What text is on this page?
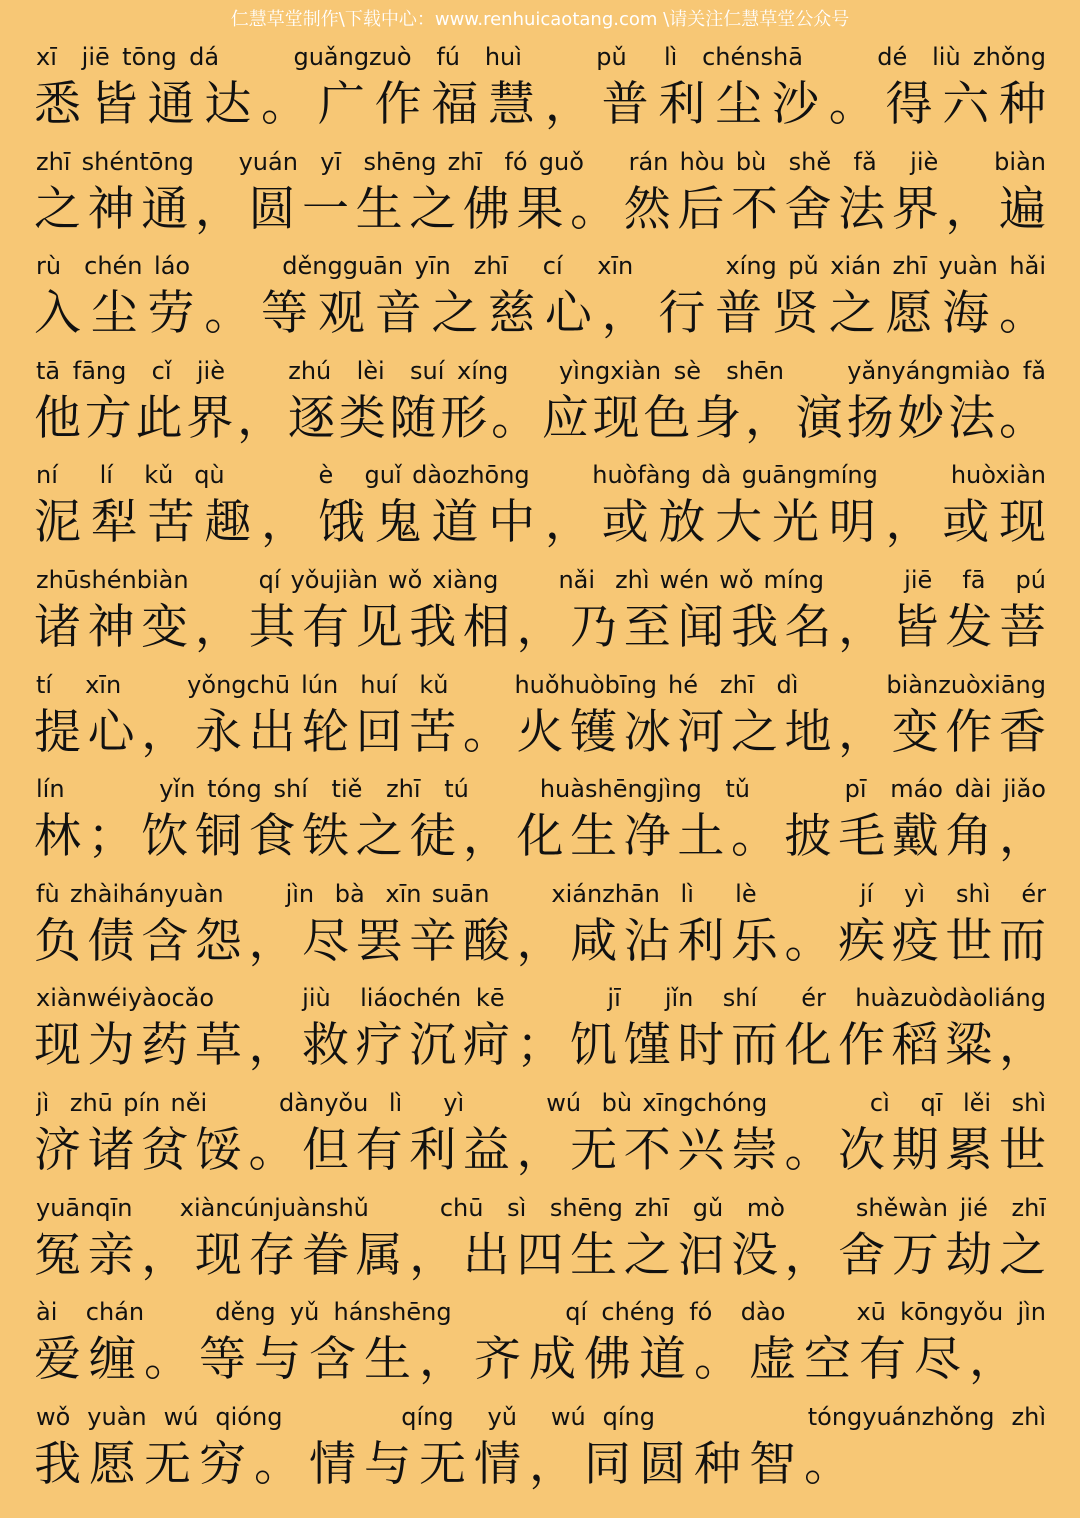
仁慧草堂制作\下载中心：www.renhuicaotang.com \请关注仁慧草堂公众号
xī  jiē tōng dá      guǎngzuò  fú  huì      pǔ   lì  chénshā      dé  liù zhǒng
悉皆通达。广作福慧，普利尘沙。得六种
zhī shéntōng    yuán  yī  shēng zhī  fó guǒ    rán hòu bù  shě  fǎ   jiè     biàn
之神通，圆一生之佛果。然后不舍法界，遍
rù  chén láo        děngguān yīn  zhī   cí   xīn        xíng pǔ xián zhī yuàn hǎi
入尘劳。等观音之慈心，行普贤之愿海。
tā fāng  cǐ  jiè     zhú  lèi  suí xíng    yìngxiàn sè  shēn     yǎnyángmiào fǎ
他方此界，逐类随形。应现色身，演扬妙法。
ní    lí   kǔ  qù         è   guǐ dàozhōng      huòfàng dà guāngmíng       huòxiàn
泥犁苦趣，饿鬼道中，或放大光明，或现
zhūshénbiàn       qí yǒujiàn wǒ xiàng      nǎi  zhì wén wǒ míng        jiē   fā   pú
诸神变，其有见我相，乃至闻我名，皆发菩
tí   xīn      yǒngchū lún  huí  kǔ      huǒhuòbīng hé  zhī  dì        biànzuòxiāng
提心，永出轮回苦。火镬冰河之地，变作香
lín        yǐn tóng shí  tiě  zhī  tú      huàshēngjìng  tǔ        pī  máo dài jiǎo
林；饮铜食铁之徒，化生净土。披毛戴角，
fù zhàihányuàn      jìn  bà  xīn suān      xiánzhān  lì    lè          jí   yì   shì   ér
负债含怨，尽罢辛酸，咸沾利乐。疾疫世而
xiànwéiyàocǎo      jiù  liáochén kē       jī   jǐn  shí   ér  huàzuòdàoliáng
现为药草，救疗沉疴；饥馑时而化作稻粱，
jì  zhū pín něi       dànyǒu  lì    yì        wú  bù xīngchóng          cì   qī  lěi  shì
济诸贫馁。但有利益，无不兴崇。次期累世
yuānqīn    xiàncúnjuànshǔ      chū  sì  shēng zhī  gǔ  mò      shěwàn jié  zhī
冤亲，现存眷属，出四生之汩没，舍万劫之
ài  chán     děng yǔ hánshēng        qí chéng fó  dào     xū kōngyǒu jìn
爱缠。等与含生，齐成佛道。虚空有尽，
wǒ yuàn wú qióng       qíng  yǔ  wú qíng         tóngyuánzhǒng zhì
我愿无穷。情与无情，同圆种智。
